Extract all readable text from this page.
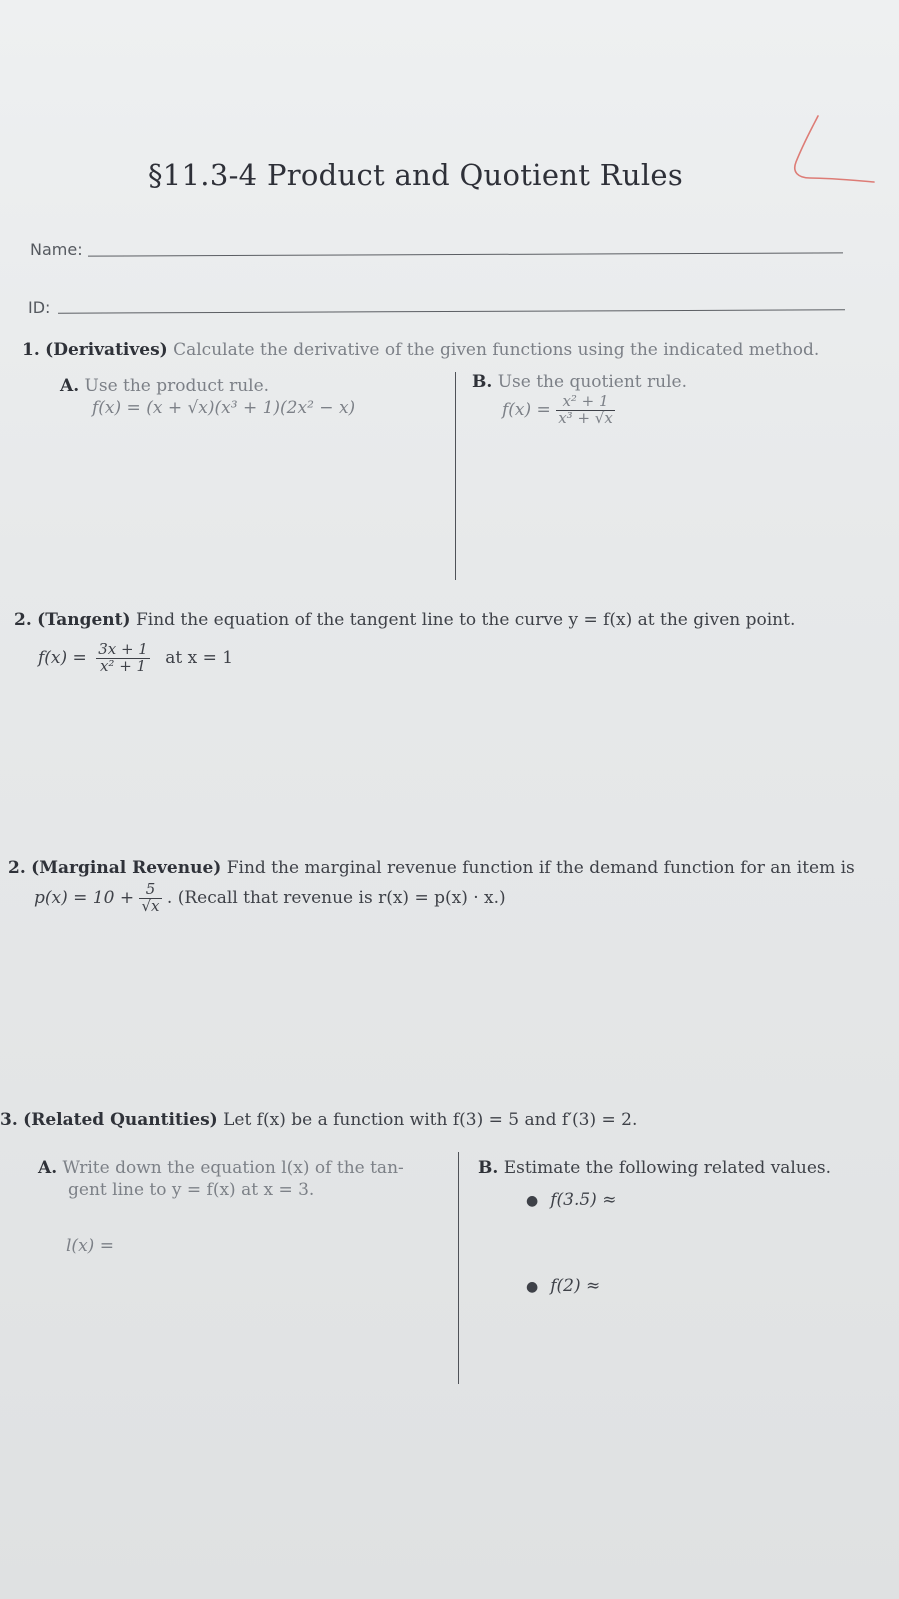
§11.3-4 Product and Quotient Rules
Name:
ID:
1. (Derivatives) Calculate the derivative of the given functions using the indicated method.
A. Use the product rule.
f(x) = (x + √x)(x³ + 1)(2x² − x)
B. Use the quotient rule.
$f(x) = \frac{\text{x² + 1}}{\text{x³ + √x}}$
2. (Tangent) Find the equation of the tangent line to the curve y = f(x) at the given point.
$f(x) = \frac{3x + 1}{\text{x² + 1}}$ at x = 1
2. (Marginal Revenue) Find the marginal revenue function if the demand function for an item is
$p(x) = 10 + \frac{5}{√x}$ . (Recall that revenue is r(x) = p(x) · x.)
3. (Related Quantities) Let f(x) be a function with f(3) = 5 and f′(3) = 2.
A. Write down the equation l(x) of the tan-
gent line to y = f(x) at x = 3.
l(x) =
B. Estimate the following related values.
● f(3.5) ≈
● f(2) ≈
